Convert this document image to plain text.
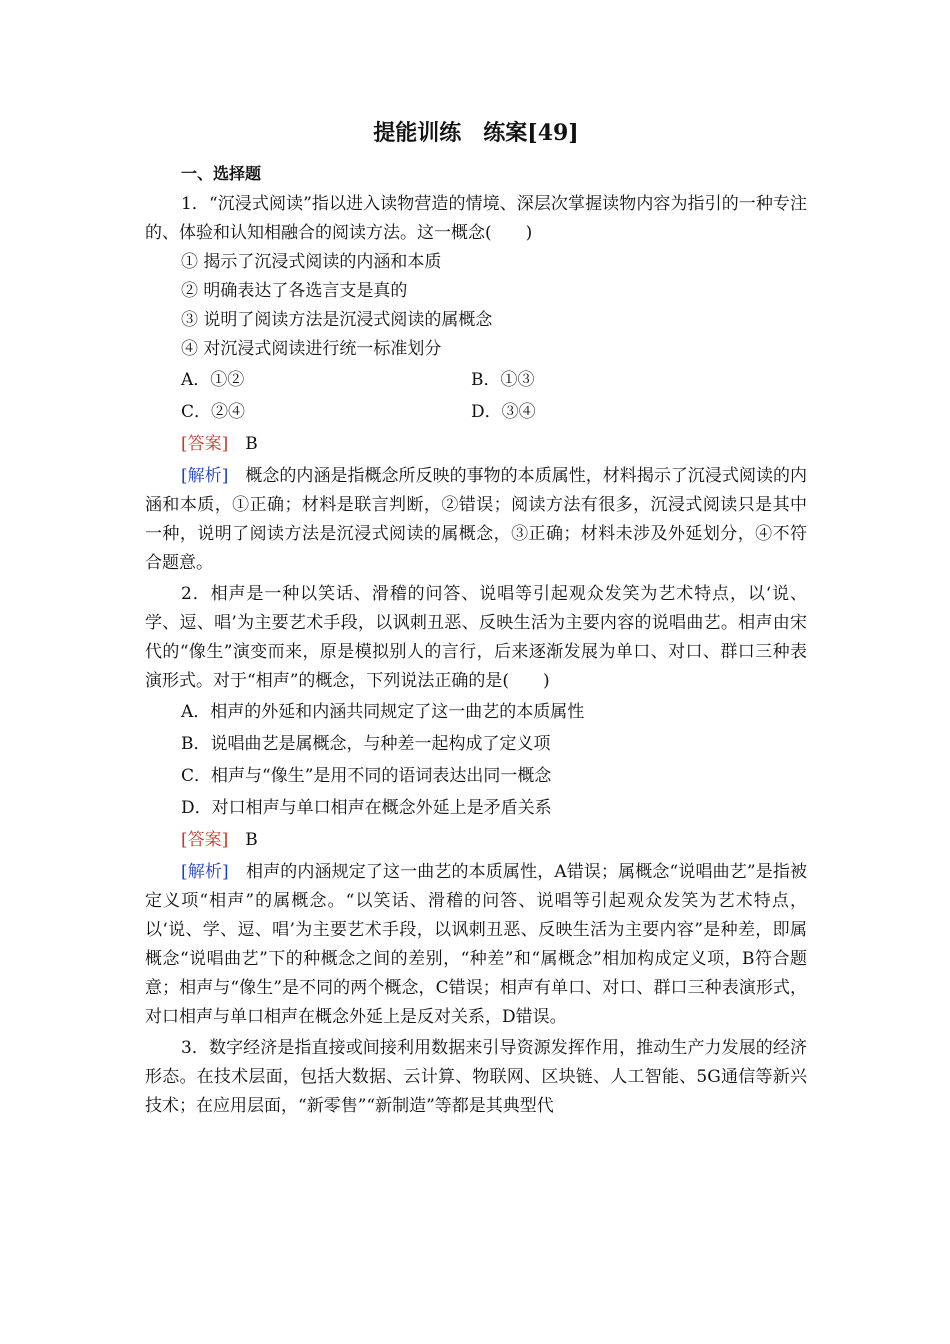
提能训练　练案[49]
一、选择题

1．“沉浸式阅读”指以进入读物营造的情境、深层次掌握读物内容为指引的一种专注的、体验和认知相融合的阅读方法。这一概念(　　)

① 揭示了沉浸式阅读的内涵和本质

② 明确表达了各选言支是真的

③ 说明了阅读方法是沉浸式阅读的属概念

④ 对沉浸式阅读进行统一标准划分

A．①②	B．①③
C．②④	D．③④
[答案]　B

[解析]　概念的内涵是指概念所反映的事物的本质属性，材料揭示了沉浸式阅读的内涵和本质，①正确；材料是联言判断，②错误；阅读方法有很多，沉浸式阅读只是其中一种，说明了阅读方法是沉浸式阅读的属概念，③正确；材料未涉及外延划分，④不符合题意。

2．相声是一种以笑话、滑稽的问答、说唱等引起观众发笑为艺术特点，以‘说、学、逗、唱’为主要艺术手段，以讽刺丑恶、反映生活为主要内容的说唱曲艺。相声由宋代的“像生”演变而来，原是模拟别人的言行，后来逐渐发展为单口、对口、群口三种表演形式。对于“相声”的概念，下列说法正确的是(　　)

A．相声的外延和内涵共同规定了这一曲艺的本质属性
B．说唱曲艺是属概念，与种差一起构成了定义项
C．相声与“像生”是用不同的语词表达出同一概念
D．对口相声与单口相声在概念外延上是矛盾关系
[答案]　B

[解析]　相声的内涵规定了这一曲艺的本质属性，A错误；属概念“说唱曲艺”是指被定义项“相声”的属概念。“以笑话、滑稽的问答、说唱等引起观众发笑为艺术特点，以‘说、学、逗、唱’为主要艺术手段，以讽刺丑恶、反映生活为主要内容”是种差，即属概念“说唱曲艺”下的种概念之间的差别，“种差”和“属概念”相加构成定义项，B符合题意；相声与“像生”是不同的两个概念，C错误；相声有单口、对口、群口三种表演形式，对口相声与单口相声在概念外延上是反对关系，D错误。

3．数字经济是指直接或间接利用数据来引导资源发挥作用，推动生产力发展的经济形态。在技术层面，包括大数据、云计算、物联网、区块链、人工智能、5G通信等新兴技术；在应用层面，“新零售”“新制造”等都是其典型代
